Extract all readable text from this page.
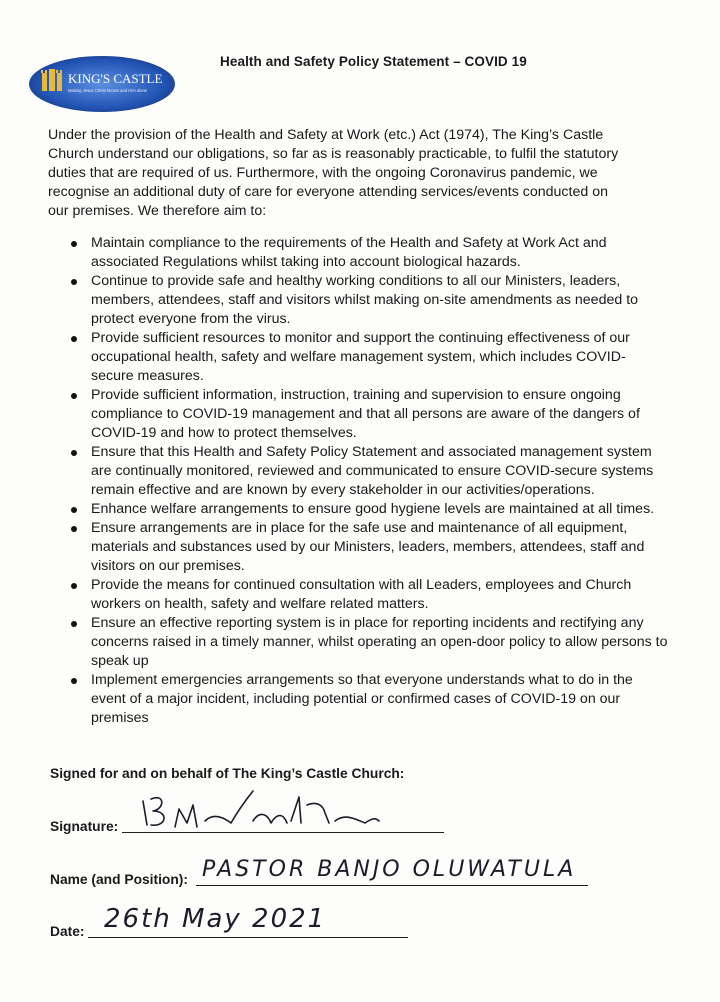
KING'S CASTLE
Making Jesus Christ known and Him alone
Health and Safety Policy Statement – COVID 19
Under the provision of the Health and Safety at Work (etc.) Act (1974), The King’s Castle Church understand our obligations, so far as is reasonably practicable, to fulfil the statutory duties that are required of us. Furthermore, with the ongoing Coronavirus pandemic, we recognise an additional duty of care for everyone attending services/events conducted on our premises. We therefore aim to:
Maintain compliance to the requirements of the Health and Safety at Work Act and associated Regulations whilst taking into account biological hazards.
Continue to provide safe and healthy working conditions to all our Ministers, leaders, members, attendees, staff and visitors whilst making on-site amendments as needed to protect everyone from the virus.
Provide sufficient resources to monitor and support the continuing effectiveness of our occupational health, safety and welfare management system, which includes COVID-secure measures.
Provide sufficient information, instruction, training and supervision to ensure ongoing compliance to COVID-19 management and that all persons are aware of the dangers of COVID-19 and how to protect themselves.
Ensure that this Health and Safety Policy Statement and associated management system are continually monitored, reviewed and communicated to ensure COVID-secure systems remain effective and are known by every stakeholder in our activities/operations.
Enhance welfare arrangements to ensure good hygiene levels are maintained at all times.
Ensure arrangements are in place for the safe use and maintenance of all equipment, materials and substances used by our Ministers, leaders, members, attendees, staff and visitors on our premises.
Provide the means for continued consultation with all Leaders, employees and Church workers on health, safety and welfare related matters.
Ensure an effective reporting system is in place for reporting incidents and rectifying any concerns raised in a timely manner, whilst operating an open-door policy to allow persons to speak up
Implement emergencies arrangements so that everyone understands what to do in the event of a major incident, including potential or confirmed cases of COVID-19 on our premises
Signed for and on behalf of The King’s Castle Church:
Signature:
Name (and Position): PASTOR BANJO OLUWATULA
Date: 26th May 2021
